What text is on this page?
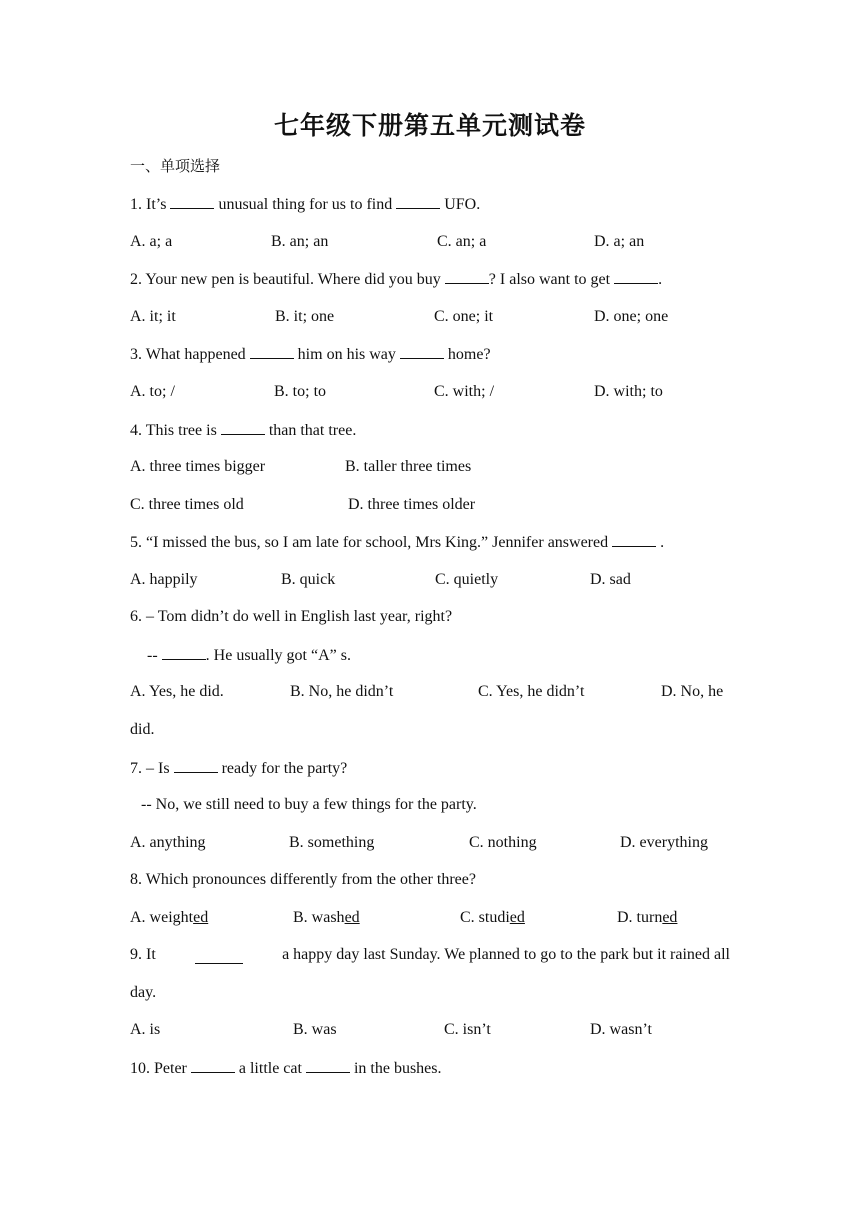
七年级下册第五单元测试卷
一、单项选择
1. It’s	unusual thing for us to find	UFO.
A. a; a	B. an; an	C. an; a	D. a; an
2. Your new pen is beautiful. Where did you buy	? I also want to get	.
A. it; it	B. it; one	C. one; it	D. one; one
3. What happened	him on his way	home?
A. to; /	B. to; to	C. with; /	D. with; to
4. This tree is	than that tree.
A. three times bigger	B. taller three times
C. three times old	D. three times older
5. “I missed the bus, so I am late for school, Mrs King.” Jennifer answered	.
A. happily	B. quick	C. quietly	D. sad
6. – Tom didn’t do well in English last year, right?
--	. He usually got “A” s.
A. Yes, he did.	B. No, he didn’t	C. Yes, he didn’t	D. No, he
did.
7. – Is	ready for the party?
-- No, we still need to buy a few things for the party.
A. anything	B. something	C. nothing	D. everything
8. Which pronounces differently from the other three?
A. weighted	B. washed	C. studied	D. turned
9. It	a happy day last Sunday. We planned to go to the park but it rained all
day.
A. is	B. was	C. isn’t	D. wasn’t
10. Peter	a little cat	in the bushes.
